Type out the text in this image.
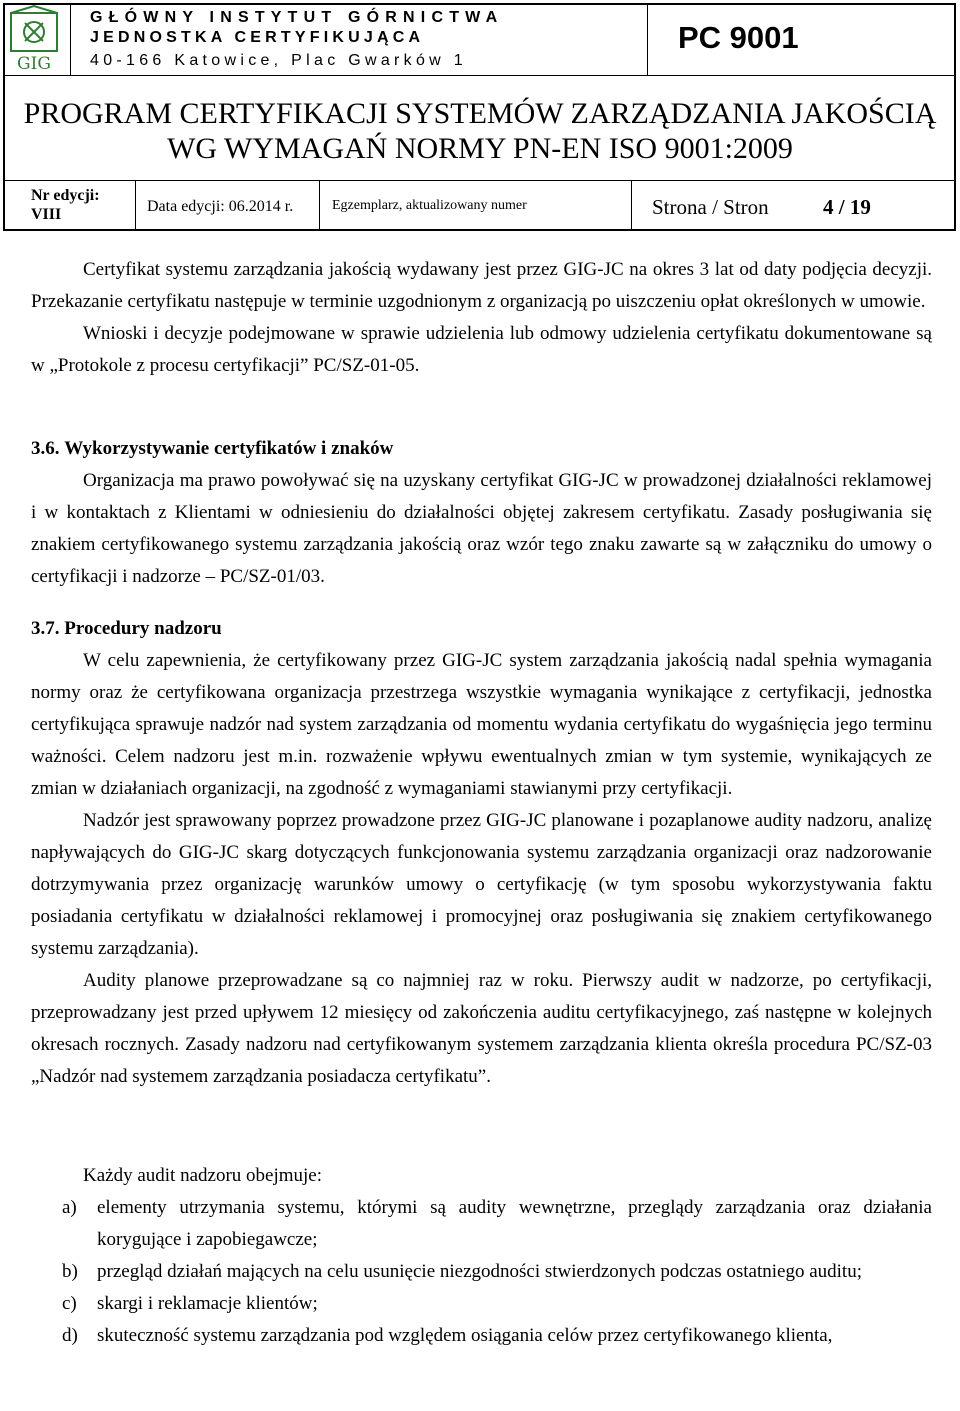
GIG
GŁÓWNY INSTYTUT GÓRNICTWA
JEDNOSTKA CERTYFIKUJĄCA
40-166 Katowice, Plac Gwarków 1
PC 9001
PROGRAM CERTYFIKACJI SYSTEMÓW ZARZĄDZANIA JAKOŚCIĄ
WG WYMAGAŃ NORMY PN-EN ISO 9001:2009
Nr edycji:
VIII	Data edycji: 06.2014 r.	Egzemplarz, aktualizowany numer	Strona / Stron	4 / 19

Certyfikat systemu zarządzania jakością wydawany jest przez GIG-JC na okres 3 lat od daty podjęcia decyzji. Przekazanie certyfikatu następuje w terminie uzgodnionym z organizacją po uiszczeniu opłat określonych w umowie.

Wnioski i decyzje podejmowane w sprawie udzielenia lub odmowy udzielenia certyfikatu dokumentowane są w „Protokole z procesu certyfikacji” PC/SZ-01-05.

3.6. Wykorzystywanie certyfikatów i znaków

Organizacja ma prawo powoływać się na uzyskany certyfikat GIG-JC w prowadzonej działalności reklamowej i w kontaktach z Klientami w odniesieniu do działalności objętej zakresem certyfikatu. Zasady posługiwania się znakiem certyfikowanego systemu zarządzania jakością oraz wzór tego znaku zawarte są w załączniku do umowy o certyfikacji i nadzorze – PC/SZ-01/03.

3.7. Procedury nadzoru

W celu zapewnienia, że certyfikowany przez GIG-JC system zarządzania jakością nadal spełnia wymagania normy oraz że certyfikowana organizacja przestrzega wszystkie wymagania wynikające z certyfikacji, jednostka certyfikująca sprawuje nadzór nad system zarządzania od momentu wydania certyfikatu do wygaśnięcia jego terminu ważności. Celem nadzoru jest m.in. rozważenie wpływu ewentualnych zmian w tym systemie, wynikających ze zmian w działaniach organizacji, na zgodność z wymaganiami stawianymi przy certyfikacji.

Nadzór jest sprawowany poprzez prowadzone przez GIG-JC planowane i pozaplanowe audity nadzoru, analizę napływających do GIG-JC skarg dotyczących funkcjonowania systemu zarządzania organizacji oraz nadzorowanie dotrzymywania przez organizację warunków umowy o certyfikację (w tym sposobu wykorzystywania faktu posiadania certyfikatu w działalności reklamowej i promocyjnej oraz posługiwania się znakiem certyfikowanego systemu zarządzania).

Audity planowe przeprowadzane są co najmniej raz w roku. Pierwszy audit w nadzorze, po certyfikacji, przeprowadzany jest przed upływem 12 miesięcy od zakończenia auditu certyfikacyjnego, zaś następne w kolejnych okresach rocznych. Zasady nadzoru nad certyfikowanym systemem zarządzania klienta określa procedura PC/SZ-03 „Nadzór nad systemem zarządzania posiadacza certyfikatu”.

Każdy audit nadzoru obejmuje:

a) elementy utrzymania systemu, którymi są audity wewnętrzne, przeglądy zarządzania oraz działania korygujące i zapobiegawcze;
b) przegląd działań mających na celu usunięcie niezgodności stwierdzonych podczas ostatniego auditu;
c) skargi i reklamacje klientów;
d) skuteczność systemu zarządzania pod względem osiągania celów przez certyfikowanego klienta,
